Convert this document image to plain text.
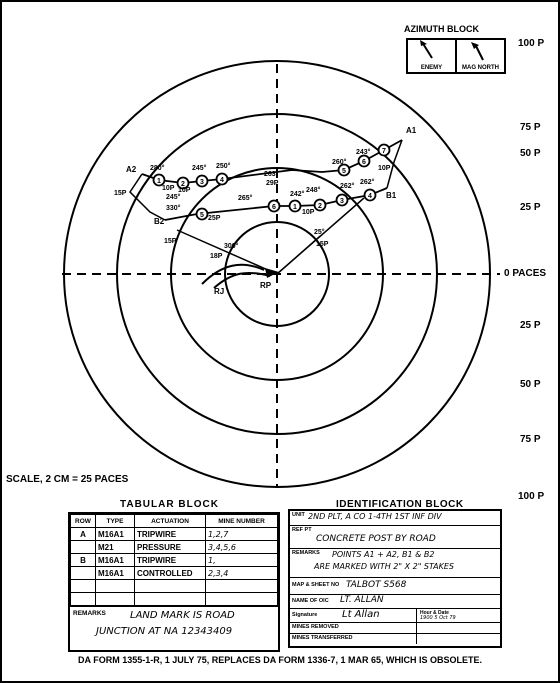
1	2 3 4
5
6
7
1	2
3
4
5
6
A1
A2
B1
B2
RP
RJ
263°
260°
243°
280°
245°	265°
245° 250°
242°
262°
248°
262°
300°
25°
330°
29P
25P
10P 10P
15P
18P
15P
10P
10P
15P
AZIMUTH BLOCK
ENEMY	MAG NORTH
100 P
75 P
50 P
25 P
0 PACES
25 P
50 P
75 P
100 P
SCALE, 2 CM = 25 PACES
TABULAR BLOCK
ROW	TYPE	ACTUATION	MINE NUMBER
A	M16A1	TRIPWIRE	1,2,7
	M21	PRESSURE	3,4,5,6
B	M16A1	TRIPWIRE	1,
	M16A1	CONTROLLED	2,3,4

REMARKS LAND MARK IS ROAD
JUNCTION AT NA 12343409
IDENTIFICATION BLOCK
UNIT 2ND PLT, A CO 1-4TH 1ST INF DIV
REF PT
CONCRETE POST BY ROAD
REMARKS POINTS A1 + A2, B1 & B2
ARE MARKED WITH 2" X 2" STAKES
MAP & SHEET NO TALBOT S568
NAME OF OIC LT. ALLAN
Signature Lt Allan	Hour & Date
1900 5 Oct 79
MINES REMOVED
MINES TRANSFERRED
DA FORM 1355-1-R, 1 JULY 75, REPLACES DA FORM 1336-7, 1 MAR 65, WHICH IS OBSOLETE.
